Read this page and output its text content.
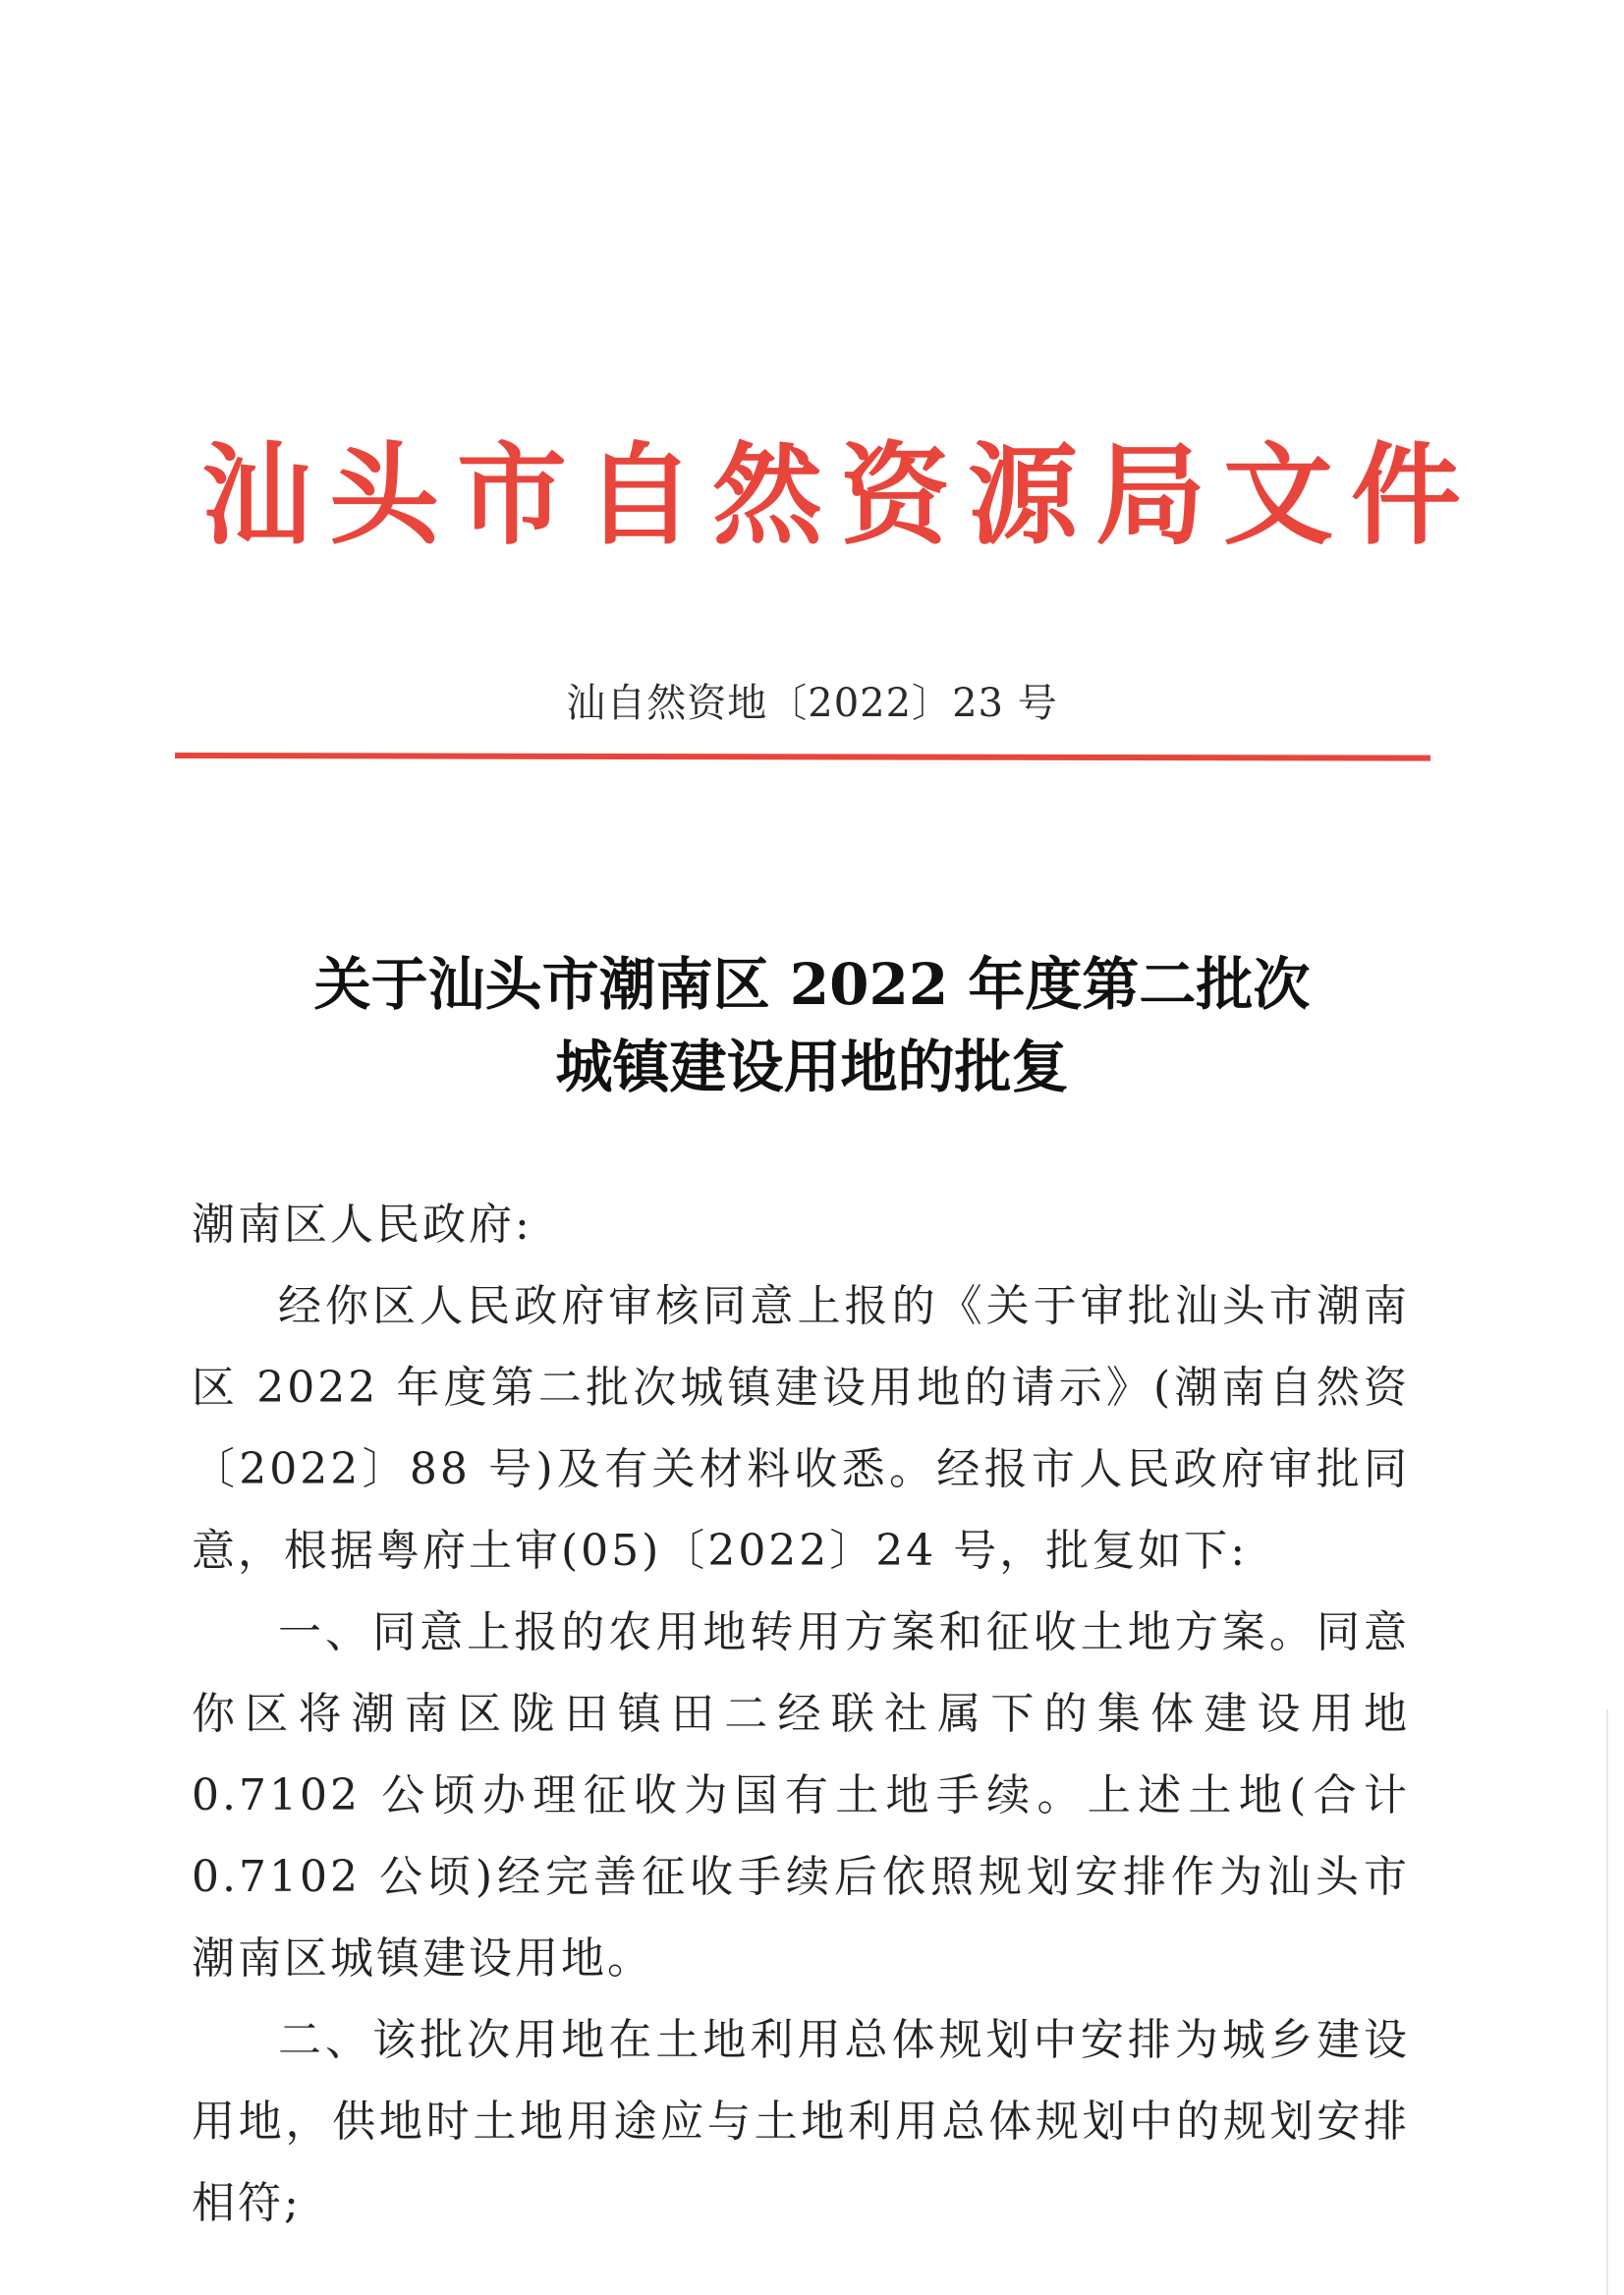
汕头市自然资源局文件
汕自然资地〔2022〕23 号
关于汕头市潮南区 2022 年度第二批次
城镇建设用地的批复

潮南区人民政府:

经你区人民政府审核同意上报的《关于审批汕头市潮南区 2022 年度第二批次城镇建设用地的请示》(潮南自然资〔2022〕88 号)及有关材料收悉。经报市人民政府审批同意，根据粤府土审(05)〔2022〕24 号，批复如下:

一、同意上报的农用地转用方案和征收土地方案。同意你区将潮南区陇田镇田二经联社属下的集体建设用地 0.7102 公顷办理征收为国有土地手续。上述土地(合计 0.7102 公顷)经完善征收手续后依照规划安排作为汕头市潮南区城镇建设用地。

二、该批次用地在土地利用总体规划中安排为城乡建设用地，供地时土地用途应与土地利用总体规划中的规划安排相符;
